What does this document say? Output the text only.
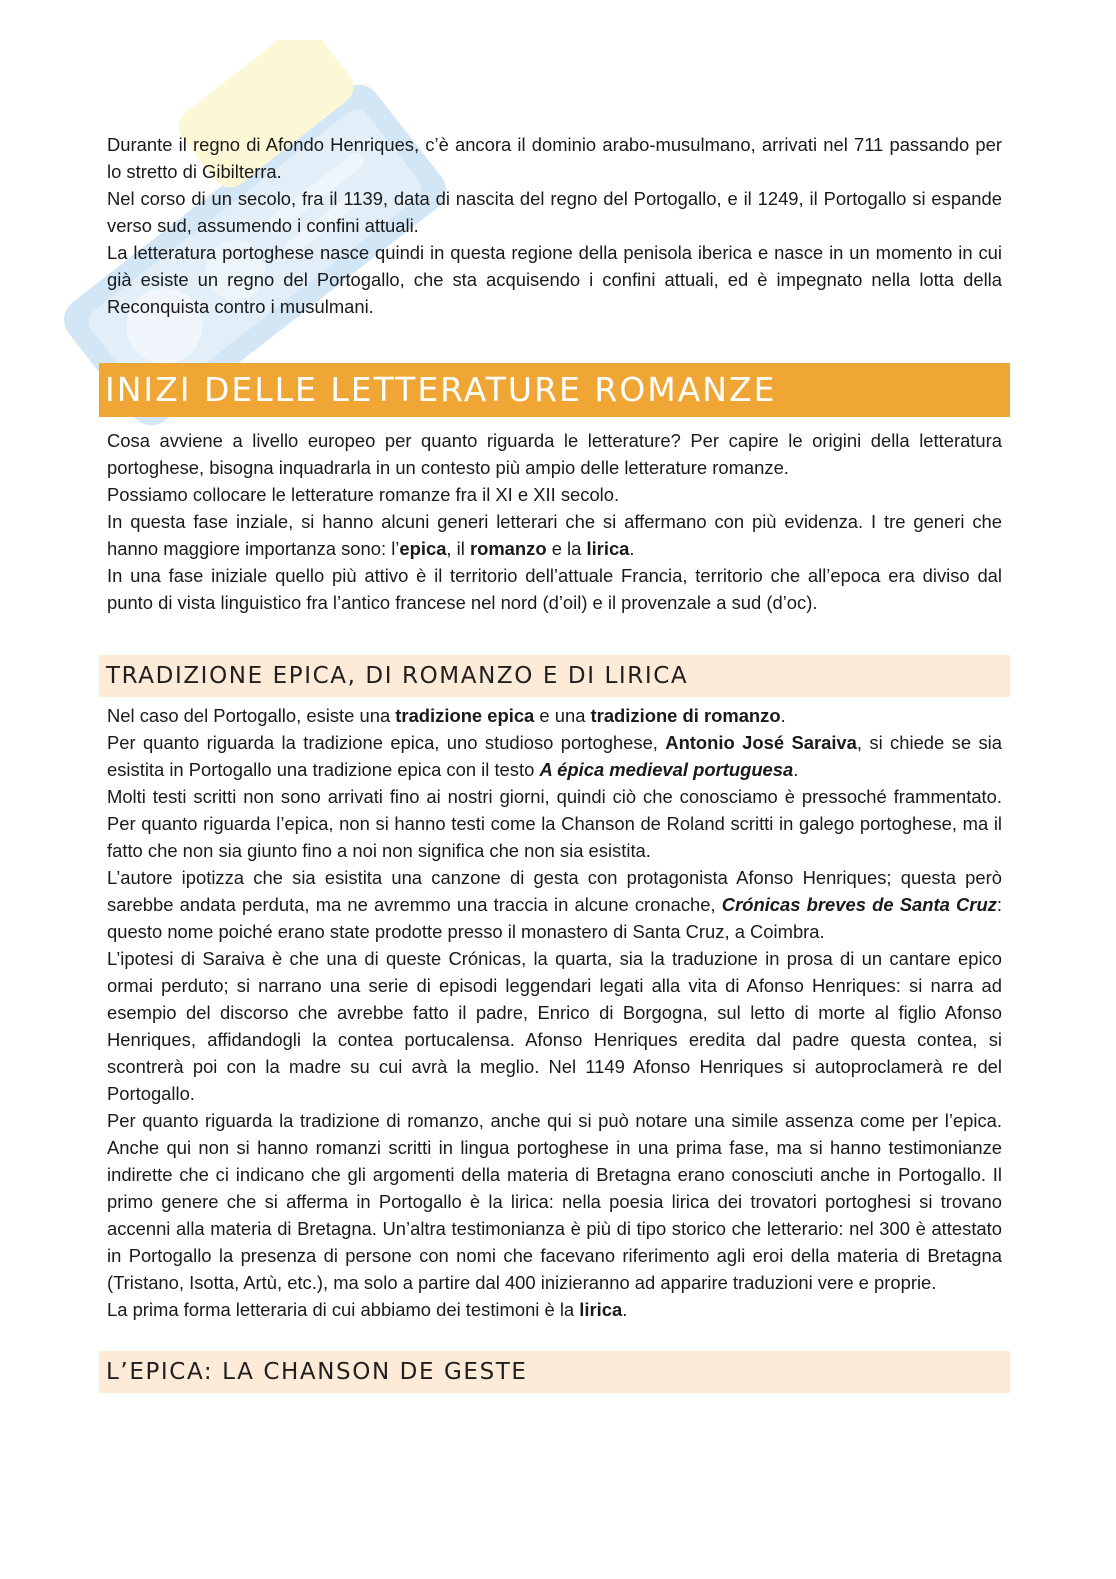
Durante il regno di Afondo Henriques, c’è ancora il dominio arabo-musulmano, arrivati nel 711 passando per lo stretto di Gibilterra.

Nel corso di un secolo, fra il 1139, data di nascita del regno del Portogallo, e il 1249, il Portogallo si espande verso sud, assumendo i confini attuali.

La letteratura portoghese nasce quindi in questa regione della penisola iberica e nasce in un momento in cui già esiste un regno del Portogallo, che sta acquisendo i confini attuali, ed è impegnato nella lotta della Reconquista contro i musulmani.

INIZI DELLE LETTERATURE ROMANZE

Cosa avviene a livello europeo per quanto riguarda le letterature? Per capire le origini della letteratura portoghese, bisogna inquadrarla in un contesto più ampio delle letterature romanze.

Possiamo collocare le letterature romanze fra il XI e XII secolo.

In questa fase inziale, si hanno alcuni generi letterari che si affermano con più evidenza. I tre generi che hanno maggiore importanza sono: l’epica, il romanzo e la lirica.

In una fase iniziale quello più attivo è il territorio dell’attuale Francia, territorio che all’epoca era diviso dal punto di vista linguistico fra l’antico francese nel nord (d’oil) e il provenzale a sud (d’oc).

TRADIZIONE EPICA, DI ROMANZO E DI LIRICA

Nel caso del Portogallo, esiste una tradizione epica e una tradizione di romanzo.

Per quanto riguarda la tradizione epica, uno studioso portoghese, Antonio José Saraiva, si chiede se sia esistita in Portogallo una tradizione epica con il testo A épica medieval portuguesa.

Molti testi scritti non sono arrivati fino ai nostri giorni, quindi ciò che conosciamo è pressoché frammentato. Per quanto riguarda l’epica, non si hanno testi come la Chanson de Roland scritti in galego portoghese, ma il fatto che non sia giunto fino a noi non significa che non sia esistita.

L’autore ipotizza che sia esistita una canzone di gesta con protagonista Afonso Henriques; questa però sarebbe andata perduta, ma ne avremmo una traccia in alcune cronache, Crónicas breves de Santa Cruz: questo nome poiché erano state prodotte presso il monastero di Santa Cruz, a Coimbra.

L’ipotesi di Saraiva è che una di queste Crónicas, la quarta, sia la traduzione in prosa di un cantare epico ormai perduto; si narrano una serie di episodi leggendari legati alla vita di Afonso Henriques: si narra ad esempio del discorso che avrebbe fatto il padre, Enrico di Borgogna, sul letto di morte al figlio Afonso Henriques, affidandogli la contea portucalensa. Afonso Henriques eredita dal padre questa contea, si scontrerà poi con la madre su cui avrà la meglio. Nel 1149 Afonso Henriques si autoproclamerà re del Portogallo.

Per quanto riguarda la tradizione di romanzo, anche qui si può notare una simile assenza come per l’epica. Anche qui non si hanno romanzi scritti in lingua portoghese in una prima fase, ma si hanno testimonianze indirette che ci indicano che gli argomenti della materia di Bretagna erano conosciuti anche in Portogallo. Il primo genere che si afferma in Portogallo è la lirica: nella poesia lirica dei trovatori portoghesi si trovano accenni alla materia di Bretagna. Un’altra testimonianza è più di tipo storico che letterario: nel 300 è attestato in Portogallo la presenza di persone con nomi che facevano riferimento agli eroi della materia di Bretagna (Tristano, Isotta, Artù, etc.), ma solo a partire dal 400 inizieranno ad apparire traduzioni vere e proprie.

La prima forma letteraria di cui abbiamo dei testimoni è la lirica.

L’EPICA: LA CHANSON DE GESTE
